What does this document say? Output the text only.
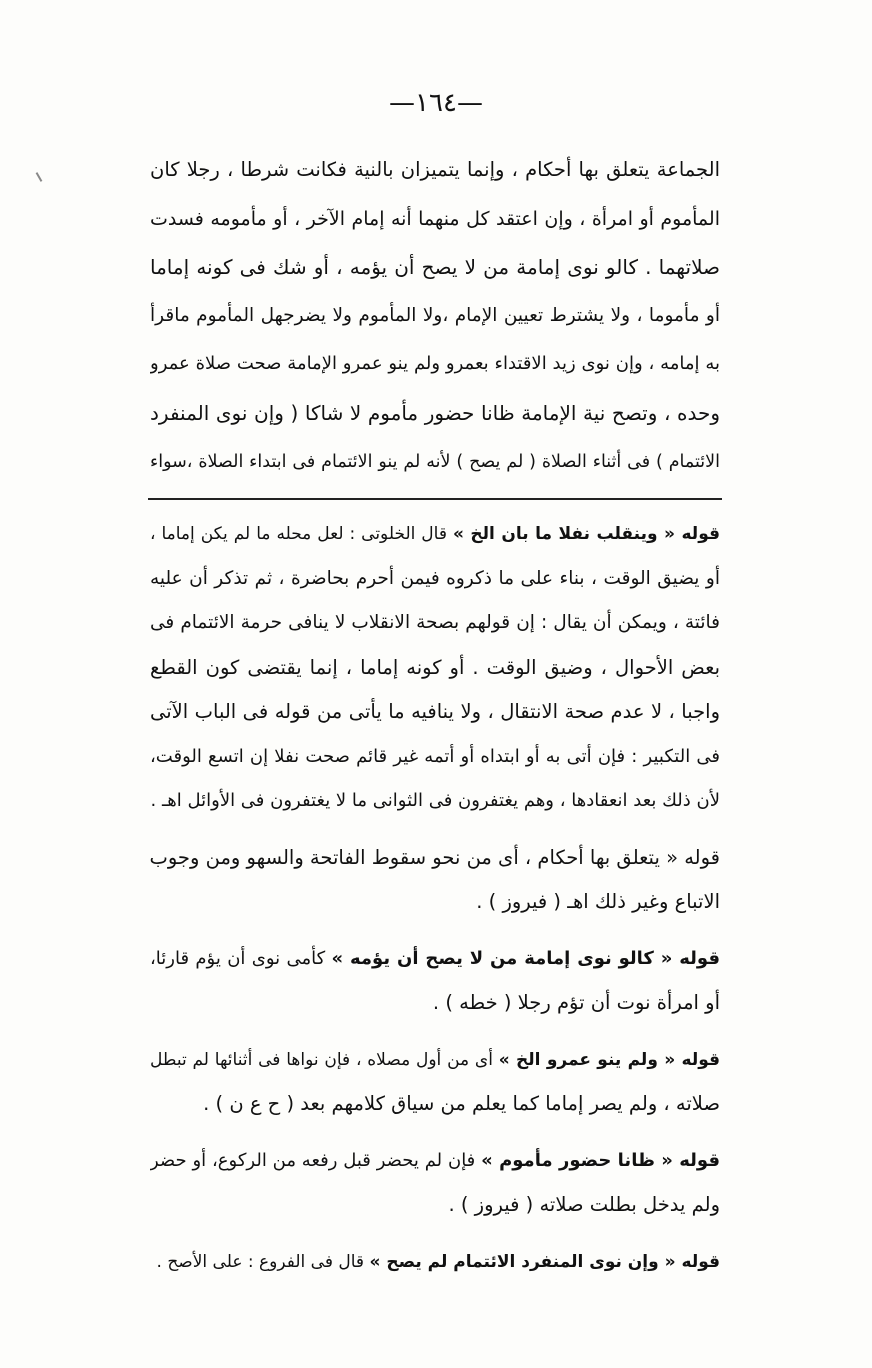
—١٦٤—
الجماعة يتعلق بها أحكام ، وإنما يتميزان بالنية فكانت شرطا ، رجلا كان
المأموم أو امرأة ، وإن اعتقد كل منهما أنه إمام الآخر ، أو مأمومه فسدت
صلاتهما . كالو نوى إمامة من لا يصح أن يؤمه ، أو شك فى كونه إماما
أو مأموما ، ولا يشترط تعيين الإمام ،ولا المأموم ولا يضرجهل المأموم ماقرأ
به إمامه ، وإن نوى زيد الاقتداء بعمرو ولم ينو عمرو الإمامة صحت صلاة عمرو
وحده ، وتصح نية الإمامة ظانا حضور مأموم لا شاكا ( وإن نوى المنفرد
الائتمام ) فى أثناء الصلاة ( لم يصح ) لأنه لم ينو الائتمام فى ابتداء الصلاة ،سواء
قوله « وينقلب نفلا ما بان الخ » قال الخلوتى : لعل محله ما لم يكن إماما ،
أو يضيق الوقت ، بناء على ما ذكروه فيمن أحرم بحاضرة ، ثم تذكر أن عليه
فائتة ، ويمكن أن يقال : إن قولهم بصحة الانقلاب لا ينافى حرمة الائتمام فى
بعض الأحوال ، وضيق الوقت . أو كونه إماما ، إنما يقتضى كون القطع
واجبا ، لا عدم صحة الانتقال ، ولا ينافيه ما يأتى من قوله فى الباب الآتى
فى التكبير : فإن أتى به أو ابتداه أو أتمه غير قائم صحت نفلا إن اتسع الوقت،
لأن ذلك بعد انعقادها ، وهم يغتفرون فى الثوانى ما لا يغتفرون فى الأوائل اهـ .
قوله « يتعلق بها أحكام ، أى من نحو سقوط الفاتحة والسهو ومن وجوب
الاتباع وغير ذلك اهـ ( فيروز ) .
قوله « كالو نوى إمامة من لا يصح أن يؤمه » كأمى نوى أن يؤم قارئا،
أو امرأة نوت أن تؤم رجلا ( خطه ) .
قوله « ولم ينو عمرو الخ » أى من أول مصلاه ، فإن نواها فى أثنائها لم تبطل
صلاته ، ولم يصر إماما كما يعلم من سياق كلامهم بعد ( ح ع ن ) .
قوله « ظانا حضور مأموم » فإن لم يحضر قبل رفعه من الركوع، أو حضر
ولم يدخل بطلت صلاته ( فيروز ) .
قوله « وإن نوى المنفرد الائتمام لم يصح » قال فى الفروع : على الأصح .
